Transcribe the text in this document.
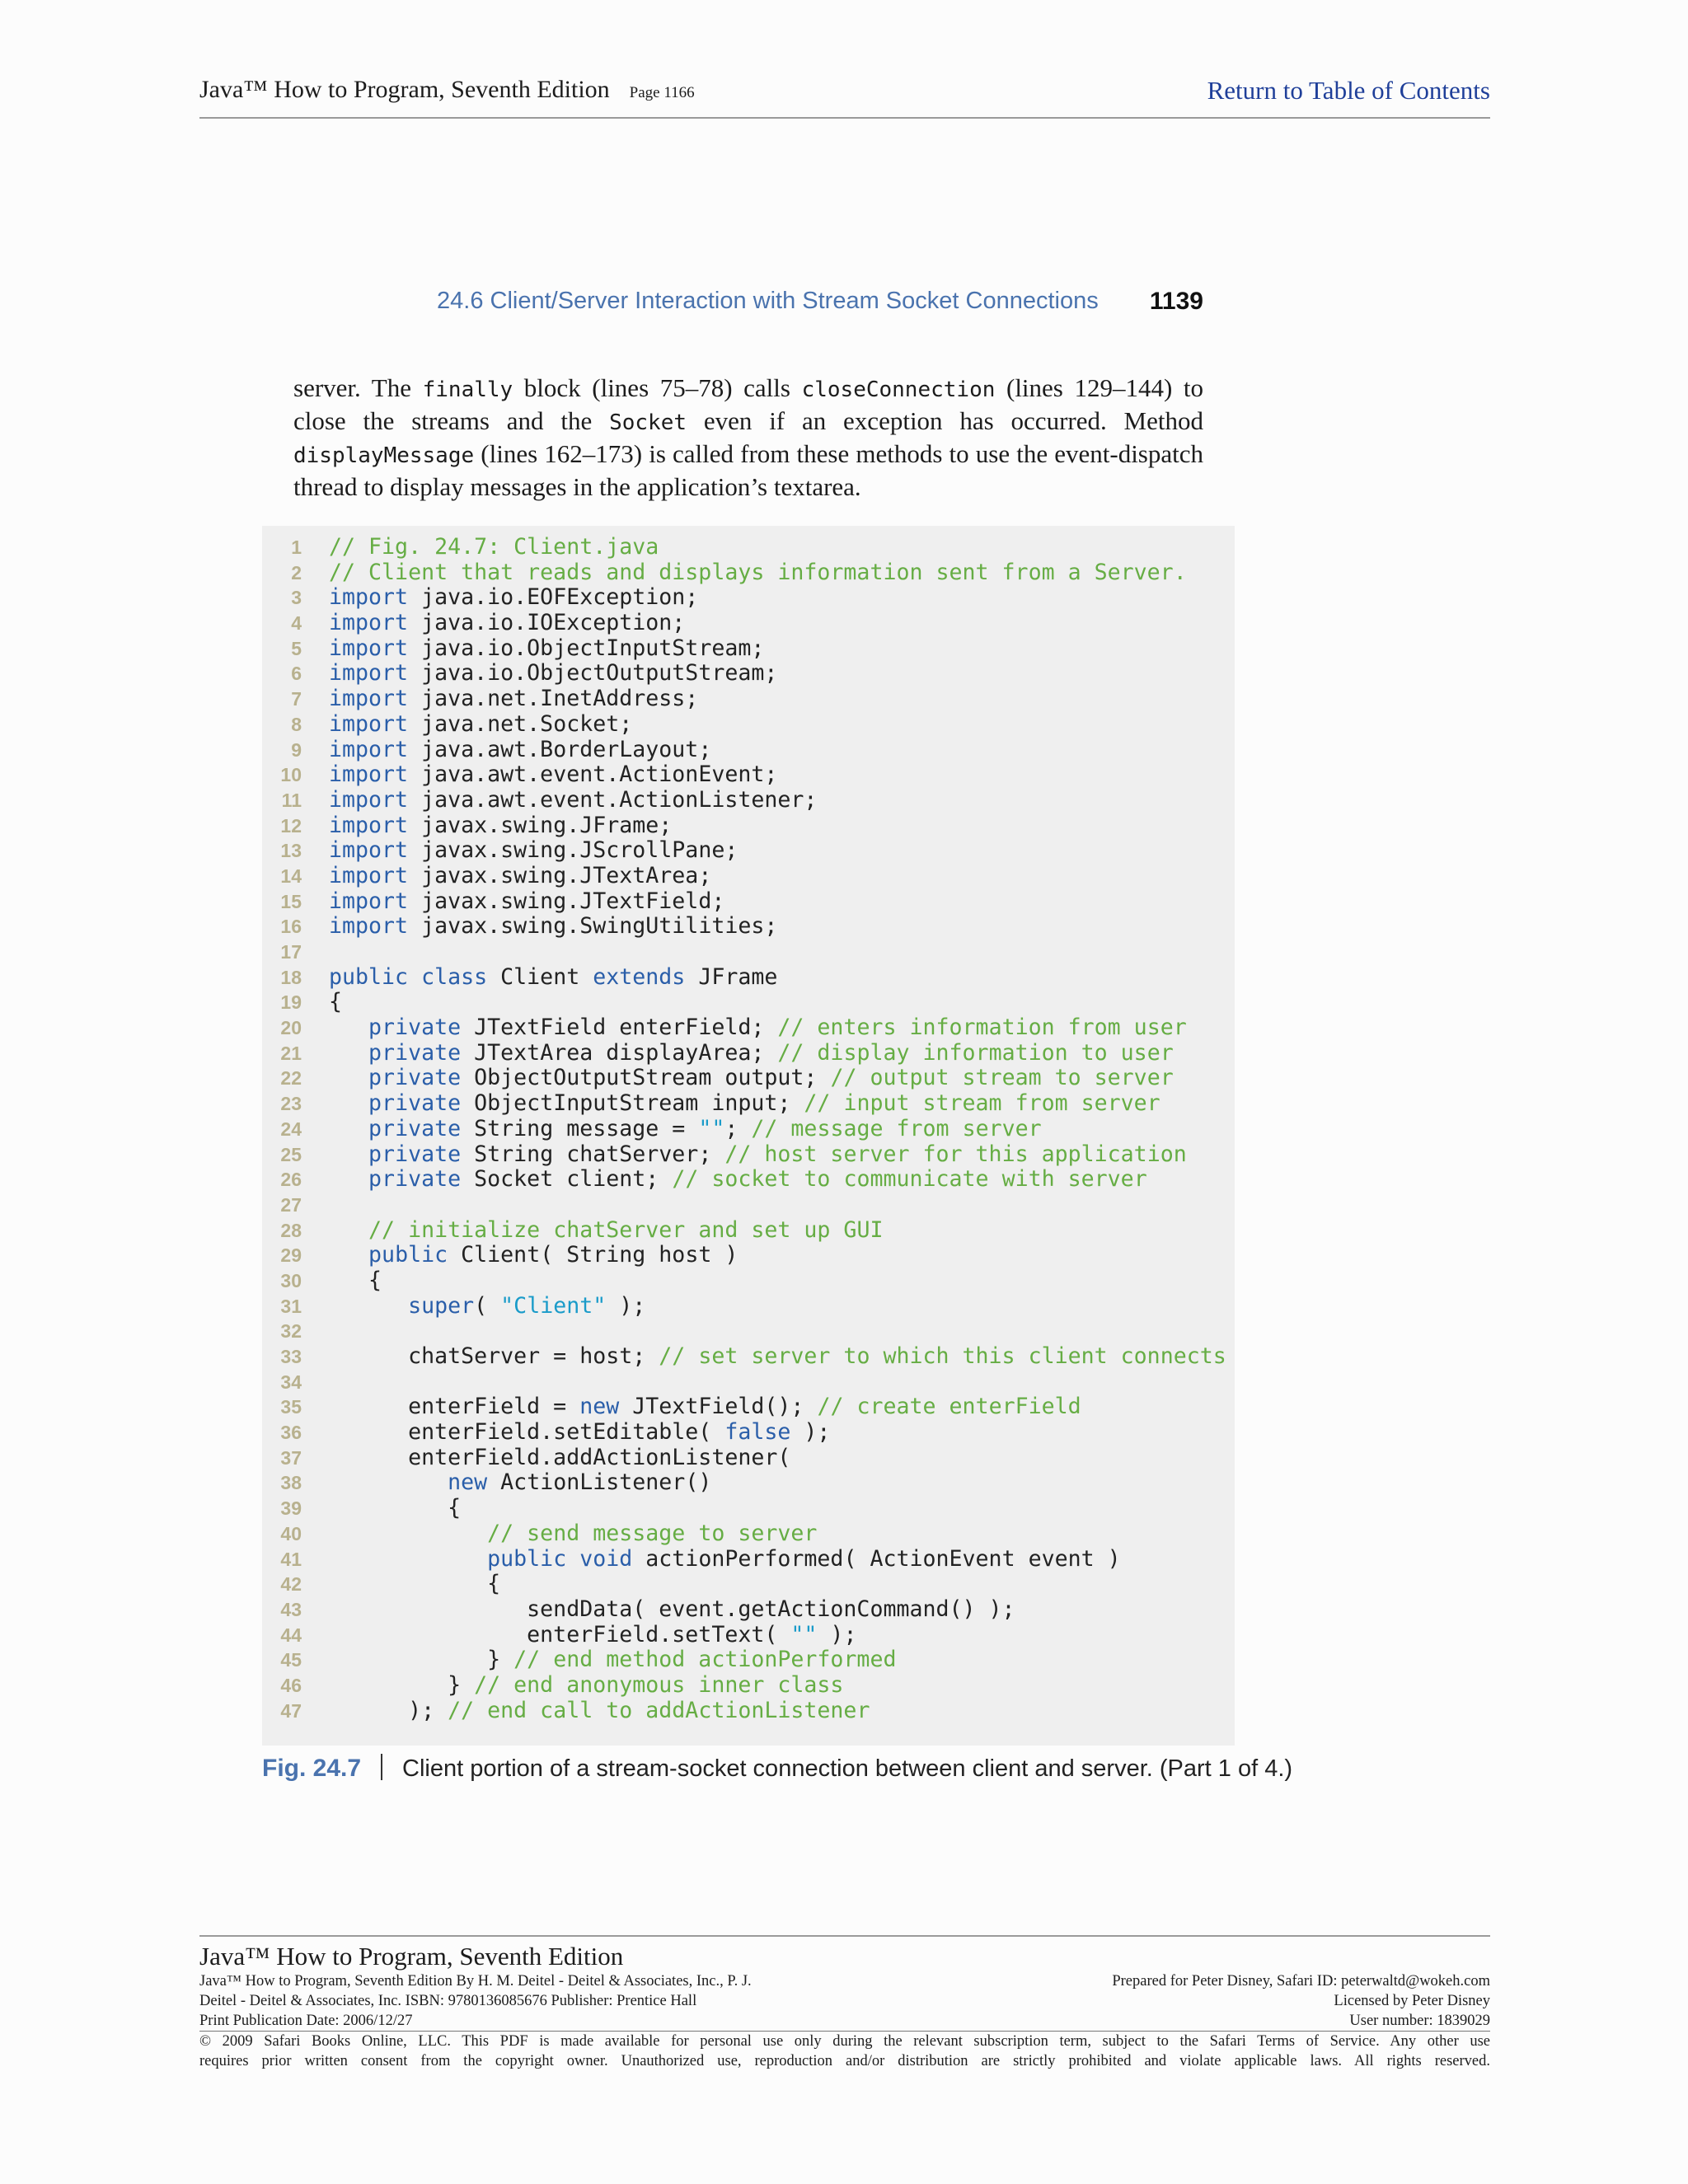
Java™ How to Program, Seventh Edition Page 1166	Return to Table of Contents
24.6 Client/Server Interaction with Stream Socket Connections 1139

server. The finally block (lines 75–78) calls closeConnection (lines 129–144) to close the streams and the Socket even if an exception has occurred. Method displayMessage (lines 162–173) is called from these methods to use the event-dispatch thread to display messages in the application’s textarea.

1 // Fig. 24.7: Client.java
2 // Client that reads and displays information sent from a Server.
3 import java.io.EOFException;
4 import java.io.IOException;
5 import java.io.ObjectInputStream;
6 import java.io.ObjectOutputStream;
7 import java.net.InetAddress;
8 import java.net.Socket;
9 import java.awt.BorderLayout;
10 import java.awt.event.ActionEvent;
11 import java.awt.event.ActionListener;
12 import javax.swing.JFrame;
13 import javax.swing.JScrollPane;
14 import javax.swing.JTextArea;
15 import javax.swing.JTextField;
16 import javax.swing.SwingUtilities;
17
18 public class Client extends JFrame
19 {
20	private JTextField enterField; // enters information from user
21	private JTextArea displayArea; // display information to user
22	private ObjectOutputStream output; // output stream to server
23	private ObjectInputStream input; // input stream from server
24	private String message = ""; // message from server
25	private String chatServer; // host server for this application
26	private Socket client; // socket to communicate with server
27
28	// initialize chatServer and set up GUI
29	public Client( String host )
30   {
31	super( "Client" );
32
33      chatServer = host; // set server to which this client connects
34
35      enterField = new JTextField(); // create enterField
36      enterField.setEditable( false );
37      enterField.addActionListener(
38	new ActionListener()
39         {
40	// send message to server
41	public void actionPerformed( ActionEvent event )
42            {
43               sendData( event.getActionCommand() );
44               enterField.setText( "" );
45            } // end method actionPerformed
46         } // end anonymous inner class
47      ); // end call to addActionListener
Fig. 24.7 Client portion of a stream-socket connection between client and server. (Part 1 of 4.)
Java™ How to Program, Seventh Edition
Java™ How to Program, Seventh Edition By H. M. Deitel - Deitel & Associates, Inc., P. J.
Deitel - Deitel & Associates, Inc. ISBN: 9780136085676 Publisher: Prentice Hall
Print Publication Date: 2006/12/27
Prepared for Peter Disney, Safari ID: peterwaltd@wokeh.com
Licensed by Peter Disney
User number: 1839029
© 2009 Safari Books Online, LLC. This PDF is made available for personal use only during the relevant subscription term, subject to the Safari Terms of Service. Any other use
requires prior written consent from the copyright owner. Unauthorized use, reproduction and/or distribution are strictly prohibited and violate applicable laws. All rights reserved.
